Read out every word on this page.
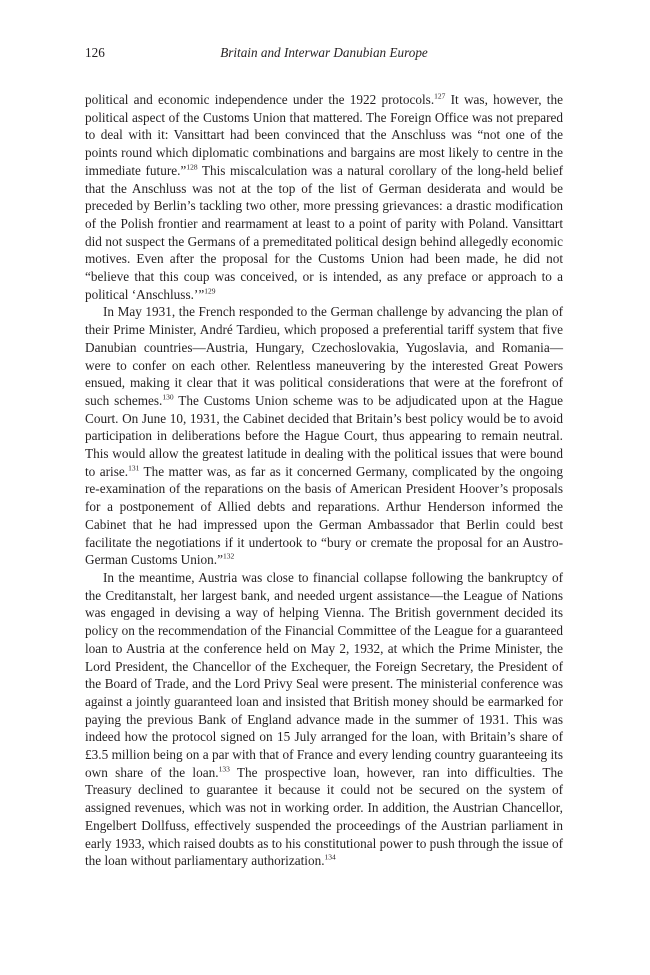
126	Britain and Interwar Danubian Europe

political and economic independence under the 1922 protocols.$^{127}$ It was, however, the political aspect of the Customs Union that mattered. The Foreign Office was not prepared to deal with it: Vansittart had been convinced that the Anschluss was “not one of the points round which diplomatic combinations and bargains are most likely to centre in the immediate future.”$^{128}$ This miscalculation was a natural corollary of the long-held belief that the Anschluss was not at the top of the list of German desiderata and would be preceded by Berlin’s tackling two other, more pressing grievances: a drastic modification of the Polish frontier and rearmament at least to a point of parity with Poland. Vansittart did not suspect the Germans of a premeditated political design behind allegedly economic motives. Even after the proposal for the Customs Union had been made, he did not “believe that this coup was conceived, or is intended, as any preface or approach to a political ‘Anschluss.’”$^{129}$

In May 1931, the French responded to the German challenge by advancing the plan of their Prime Minister, André Tardieu, which proposed a preferential tariff system that five Danubian countries—Austria, Hungary, Czechoslovakia, Yugoslavia, and Romania—were to confer on each other. Relentless maneuvering by the interested Great Powers ensued, making it clear that it was political considerations that were at the forefront of such schemes.$^{130}$ The Customs Union scheme was to be adjudicated upon at the Hague Court. On June 10, 1931, the Cabinet decided that Britain’s best policy would be to avoid participation in deliberations before the Hague Court, thus appearing to remain neutral. This would allow the greatest latitude in dealing with the political issues that were bound to arise.$^{131}$ The matter was, as far as it concerned Germany, complicated by the ongoing re-examination of the reparations on the basis of American President Hoover’s proposals for a postponement of Allied debts and reparations. Arthur Henderson informed the Cabinet that he had impressed upon the German Ambassador that Berlin could best facilitate the negotiations if it undertook to “bury or cremate the proposal for an Austro-German Customs Union.”$^{132}$

In the meantime, Austria was close to financial collapse following the bankruptcy of the Creditanstalt, her largest bank, and needed urgent assistance—the League of Nations was engaged in devising a way of helping Vienna. The British government decided its policy on the recommendation of the Financial Committee of the League for a guaranteed loan to Austria at the conference held on May 2, 1932, at which the Prime Minister, the Lord President, the Chancellor of the Exchequer, the Foreign Secretary, the President of the Board of Trade, and the Lord Privy Seal were present. The ministerial conference was against a jointly guaranteed loan and insisted that British money should be earmarked for paying the previous Bank of England advance made in the summer of 1931. This was indeed how the protocol signed on 15 July arranged for the loan, with Britain’s share of £3.5 million being on a par with that of France and every lending country guaranteeing its own share of the loan.$^{133}$ The prospective loan, however, ran into difficulties. The Treasury declined to guarantee it because it could not be secured on the system of assigned revenues, which was not in working order. In addition, the Austrian Chancellor, Engelbert Dollfuss, effectively suspended the proceedings of the Austrian parliament in early 1933, which raised doubts as to his constitutional power to push through the issue of the loan without parliamentary authorization.$^{134}$
